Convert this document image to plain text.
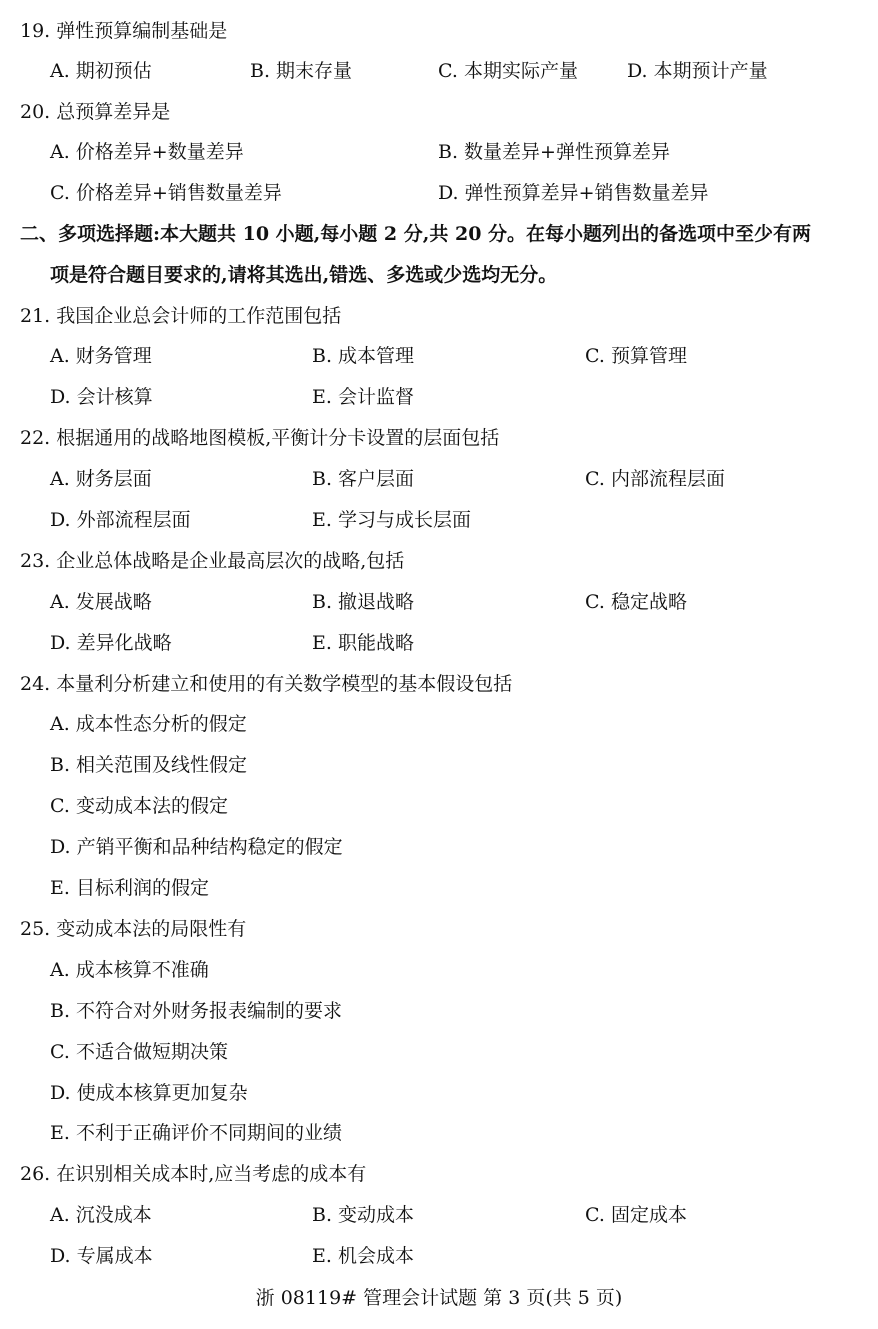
19. 弹性预算编制基础是
A. 期初预估	B. 期末存量	C. 本期实际产量	D. 本期预计产量
20. 总预算差异是
A. 价格差异+数量差异	B. 数量差异+弹性预算差异
C. 价格差异+销售数量差异	D. 弹性预算差异+销售数量差异
二、多项选择题:本大题共 10 小题,每小题 2 分,共 20 分。在每小题列出的备选项中至少有两
项是符合题目要求的,请将其选出,错选、多选或少选均无分。
21. 我国企业总会计师的工作范围包括
A. 财务管理	B. 成本管理	C. 预算管理
D. 会计核算	E. 会计监督
22. 根据通用的战略地图模板,平衡计分卡设置的层面包括
A. 财务层面	B. 客户层面	C. 内部流程层面
D. 外部流程层面	E. 学习与成长层面
23. 企业总体战略是企业最高层次的战略,包括
A. 发展战略	B. 撤退战略	C. 稳定战略
D. 差异化战略	E. 职能战略
24. 本量利分析建立和使用的有关数学模型的基本假设包括
A. 成本性态分析的假定
B. 相关范围及线性假定
C. 变动成本法的假定
D. 产销平衡和品种结构稳定的假定
E. 目标利润的假定
25. 变动成本法的局限性有
A. 成本核算不准确
B. 不符合对外财务报表编制的要求
C. 不适合做短期决策
D. 使成本核算更加复杂
E. 不利于正确评价不同期间的业绩
26. 在识别相关成本时,应当考虑的成本有
A. 沉没成本	B. 变动成本	C. 固定成本
D. 专属成本	E. 机会成本
浙 08119# 管理会计试题 第 3 页(共 5 页)
